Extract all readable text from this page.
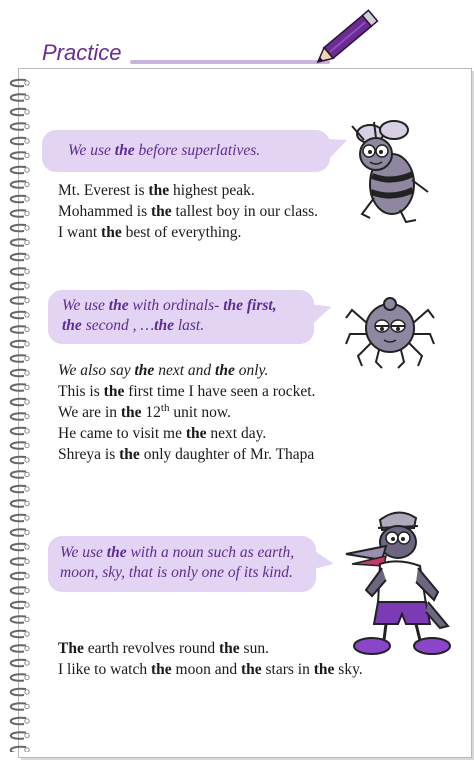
Practice
We use the before superlatives.
Mt. Everest is the highest peak.
Mohammed is the tallest boy in our class.
I want the best of everything.
We use the with ordinals- the first,
the second , …the last.
We also say the next and the only.
This is the first time I have seen a rocket.
We are in the 12th unit now.
He came to visit me the next day.
Shreya is the only daughter of Mr. Thapa
We use the with a noun such as earth,
moon, sky, that is only one of its kind.
The earth revolves round the sun.
I like to watch the moon and the stars in the sky.
